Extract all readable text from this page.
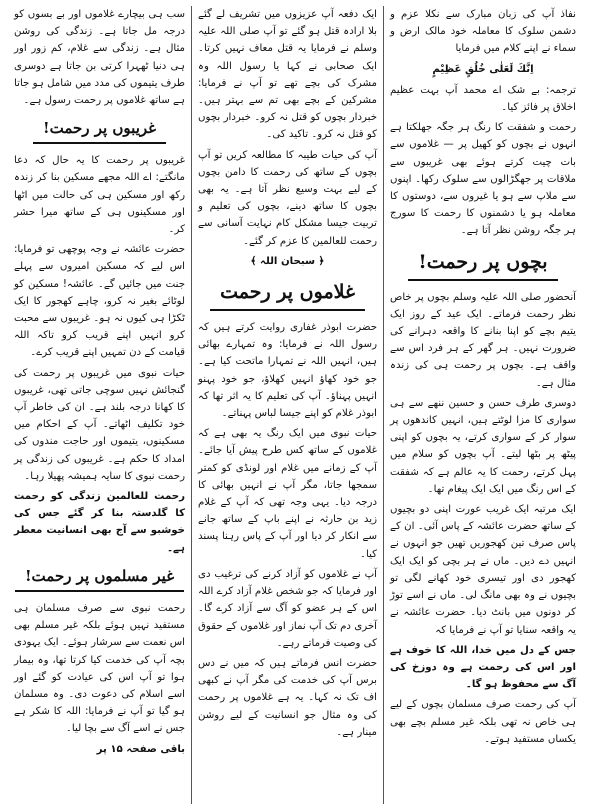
نفاذ آپ کی زبان مبارک سے نکلا عزم و دشمن سلوک کا معاملہ خود مالک ارض و سماء نے اپنے کلام میں فرمایا

اِنَّكَ لَعَلٰى خُلُقٍ عَظِيْمٍ

ترجمہ: بے شک اے محمد آپ بہت عظیم اخلاق پر فائز کیا۔

رحمت و شفقت کا رنگ ہر جگہ جھلکتا ہے انہوں نے بچوں کو کھیل پر — غلاموں سے بات چیت کرتے ہوئے بھی غریبوں سے ملاقات پر جھگڑالوں سے سلوک رکھا۔ اپنوں سے ملاپ سے ہو یا غیروں سے، دوستوں کا معاملہ ہو یا دشمنوں کا رحمت کا سورج ہر جگہ روشن نظر آتا ہے۔

بچوں پر رحمت!

آنحضور صلی اللہ علیہ وسلم بچوں پر خاص نظر رحمت فرماتے۔ ایک عید کے روز ایک یتیم بچے کو اپنا بنانے کا واقعہ دہرانے کی ضرورت نہیں۔ ہر گھر کے ہر فرد اس سے واقف ہے۔ بچوں پر رحمت ہی کی زندہ مثال ہے۔

دوسری طرف حسن و حسین ننھے سے ہی سواری کا مزا لوٹتے ہیں، انہیں کاندھوں پر سوار کر کے سواری کرتے، یہ بچوں کو اپنی پیٹھ پر بٹھا لیتے۔ آپ بچوں کو سلام میں پہل کرتے، رحمت کا یہ عالم ہے کہ شفقت کے اس رنگ میں ایک ایک پیغام تھا۔

ایک مرتبہ ایک غریب عورت اپنی دو بچیوں کے ساتھ حضرت عائشہ کے پاس آئی۔ ان کے پاس صرف تین کھجوریں تھیں جو انہوں نے انہیں دے دیں۔ ماں نے ہر بچی کو ایک ایک کھجور دی اور تیسری خود کھانے لگی تو بچیوں نے وہ بھی مانگ لی۔ ماں نے اسے توڑ کر دونوں میں بانٹ دیا۔ حضرت عائشہ نے یہ واقعہ سنایا تو آپ نے فرمایا کہ

جس کے دل میں خدا، اللہ کا خوف ہے اور اس کی رحمت ہے وہ دوزخ کی آگ سے محفوظ ہو گا۔

آپ کی رحمت صرف مسلمان بچوں کے لیے ہی خاص نہ تھی بلکہ غیر مسلم بچے بھی یکساں مستفید ہوتے۔

ایک دفعہ آپ عزیزوں میں تشریف لے گئے بلا ارادہ قتل ہو گئے تو آپ صلی اللہ علیہ وسلم نے فرمایا یہ قتل معاف نہیں کرتا۔ ایک صحابی نے کہا یا رسول اللہ وہ مشرک کی بچے تھے تو آپ نے فرمایا: مشرکین کے بچے بھی تم سے بہتر ہیں۔ خبردار بچوں کو قتل نہ کرو۔ خبردار بچوں کو قتل نہ کرو۔ تاکید کی۔

آپ کی حیات طیبہ کا مطالعہ کریں تو آپ بچوں کے ساتھ کی رحمت کا دامن بچوں کے لیے بہت وسیع نظر آتا ہے۔ یہ بھی بچوں کا ساتھ دینے، بچوں کی تعلیم و تربیت جیسا مشکل کام نہایت آسانی سے رحمت للعالمین کا عزم کر گئے۔

﴿ سبحان اللہ ﴾

غلاموں پر رحمت

حضرت ابوذر غفاری روایت کرتے ہیں کہ رسول اللہ نے فرمایا: وہ تمہارے بھائی ہیں، انہیں اللہ نے تمہارا ماتحت کیا ہے۔ جو خود کھاؤ انہیں کھلاؤ، جو خود پہنو انہیں پہناؤ۔ آپ کی تعلیم کا یہ اثر تھا کہ ابوذر غلام کو اپنے جیسا لباس پہناتے۔

حیات نبوی میں ایک رنگ یہ بھی ہے کہ غلاموں کے ساتھ کس طرح پیش آیا جائے۔ آپ کے زمانے میں غلام اور لونڈی کو کمتر سمجھا جاتا، مگر آپ نے انہیں بھائی کا درجہ دیا۔ یہی وجہ تھی کہ آپ کے غلام زید بن حارثہ نے اپنے باپ کے ساتھ جانے سے انکار کر دیا اور آپ کے پاس رہنا پسند کیا۔

آپ نے غلاموں کو آزاد کرنے کی ترغیب دی اور فرمایا کہ جو شخص غلام آزاد کرے اللہ اس کے ہر عضو کو آگ سے آزاد کرے گا۔ آخری دم تک آپ نماز اور غلاموں کے حقوق کی وصیت فرماتے رہے۔

حضرت انس فرماتے ہیں کہ میں نے دس برس آپ کی خدمت کی مگر آپ نے کبھی اف تک نہ کہا۔ یہ ہے غلاموں پر رحمت کی وہ مثال جو انسانیت کے لیے روشن مینار ہے۔

سب ہی بیچارے غلاموں اور بے بسوں کو درجہ مل جاتا ہے۔ زندگی کی روشن مثال ہے۔ زندگی سے غلام، کم زور اور ہی دنیا ٹھہرا کرتی بن جاتا ہے دوسری طرف یتیموں کی مدد میں شامل ہو جاتا ہے ساتھ غلاموں پر رحمت رسول ہے۔

غریبوں پر رحمت!

غریبوں پر رحمت کا یہ حال کہ دعا مانگتے: اے اللہ مجھے مسکین بنا کر زندہ رکھ اور مسکین ہی کی حالت میں اٹھا اور مسکینوں ہی کے ساتھ میرا حشر کر۔

حضرت عائشہ نے وجہ پوچھی تو فرمایا: اس لیے کہ مسکین امیروں سے پہلے جنت میں جائیں گے۔ عائشہ! مسکین کو لوٹائے بغیر نہ کرو، چاہے کھجور کا ایک ٹکڑا ہی کیوں نہ ہو۔ غریبوں سے محبت کرو انہیں اپنے قریب کرو تاکہ اللہ قیامت کے دن تمہیں اپنے قریب کرے۔

حیات نبوی میں غریبوں پر رحمت کی گنجائش نہیں سوچی جاتی تھی، غریبوں کا کھانا درجہ بلند ہے۔ ان کی خاطر آپ خود تکلیف اٹھاتے۔ آپ کے احکام میں مسکینوں، یتیموں اور حاجت مندوں کی امداد کا حکم ہے۔ غریبوں کی زندگی پر رحمت نبوی کا سایہ ہمیشہ پھیلا رہا۔

رحمت للعالمین زندگی کو رحمت کا گلدستہ بنا کر گئے جس کی خوشبو سے آج بھی انسانیت معطر ہے۔

غیر مسلموں پر رحمت!

رحمت نبوی سے صرف مسلمان ہی مستفید نہیں ہوئے بلکہ غیر مسلم بھی اس نعمت سے سرشار ہوئے۔ ایک یہودی بچہ آپ کی خدمت کیا کرتا تھا، وہ بیمار ہوا تو آپ اس کی عیادت کو گئے اور اسے اسلام کی دعوت دی۔ وہ مسلمان ہو گیا تو آپ نے فرمایا: اللہ کا شکر ہے جس نے اسے آگ سے بچا لیا۔

باقی صفحہ ۱۵ پر
